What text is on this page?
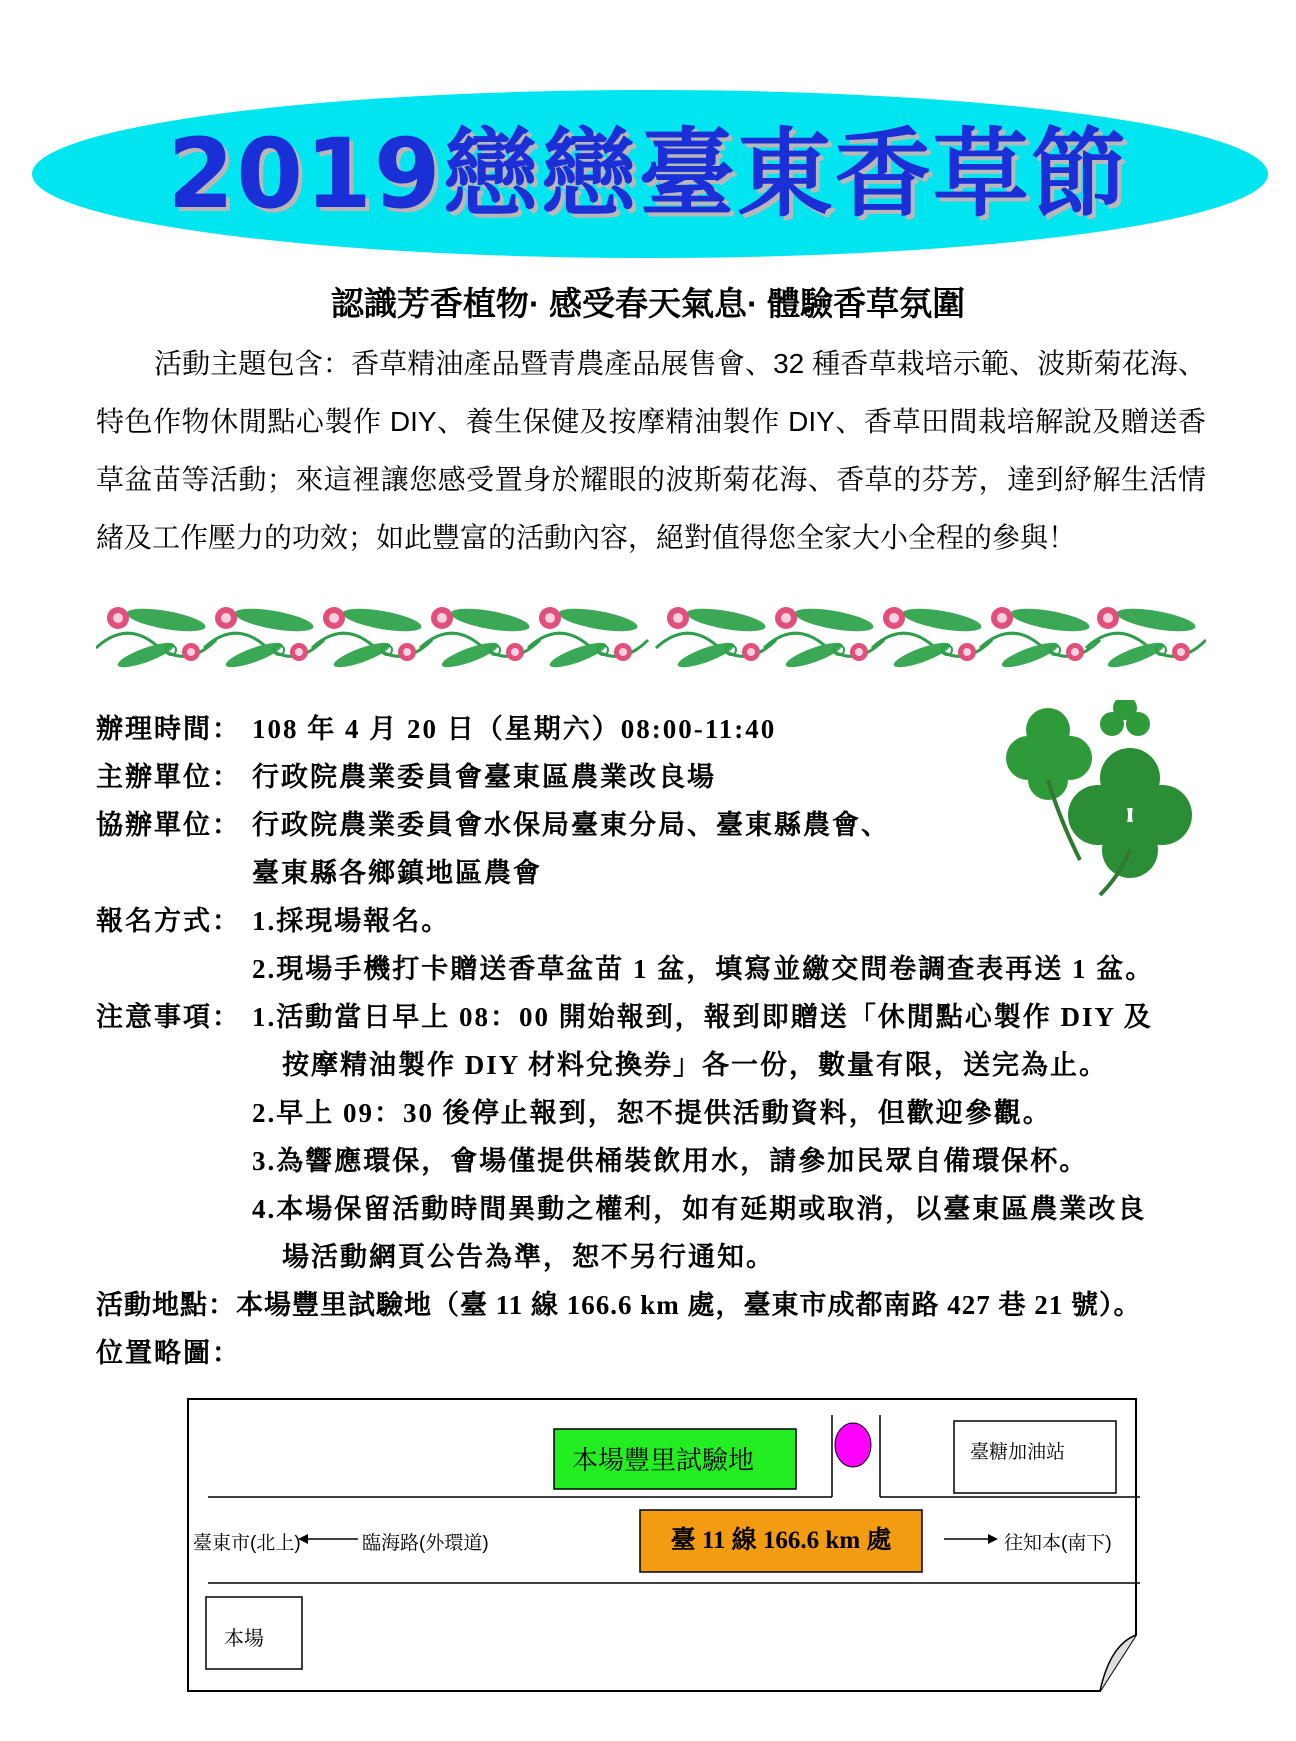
2019戀戀臺東香草節
認識芳香植物· 感受春天氣息· 體驗香草氛圍
活動主題包含：香草精油產品暨青農產品展售會、32 種香草栽培示範、波斯菊花海、特色作物休閒點心製作 DIY、養生保健及按摩精油製作 DIY、香草田間栽培解說及贈送香草盆苗等活動；來這裡讓您感受置身於耀眼的波斯菊花海、香草的芬芳，達到紓解生活情緒及工作壓力的功效；如此豐富的活動內容，絕對值得您全家大小全程的參與！
辦理時間： 108 年 4 月 20 日（星期六）08:00-11:40
主辦單位： 行政院農業委員會臺東區農業改良場
協辦單位： 行政院農業委員會水保局臺東分局、臺東縣農會、
臺東縣各鄉鎮地區農會
報名方式： 1.採現場報名。
2.現場手機打卡贈送香草盆苗 1 盆，填寫並繳交問卷調查表再送 1 盆。
注意事項： 1.活動當日早上 08：00 開始報到，報到即贈送「休閒點心製作 DIY 及
按摩精油製作 DIY 材料兌換券」各一份，數量有限，送完為止。
2.早上 09：30 後停止報到，恕不提供活動資料，但歡迎參觀。
3.為響應環保，會場僅提供桶裝飲用水，請參加民眾自備環保杯。
4.本場保留活動時間異動之權利，如有延期或取消，以臺東區農業改良
場活動網頁公告為準，恕不另行通知。
活動地點：本場豐里試驗地（臺 11 線 166.6 km 處，臺東市成都南路 427 巷 21 號）。
位置略圖：
本場豐里試驗地	臺糖加油站
臺東市(北上)	臨海路(外環道)	臺 11 線 166.6 km 處	往知本(南下)
本場
